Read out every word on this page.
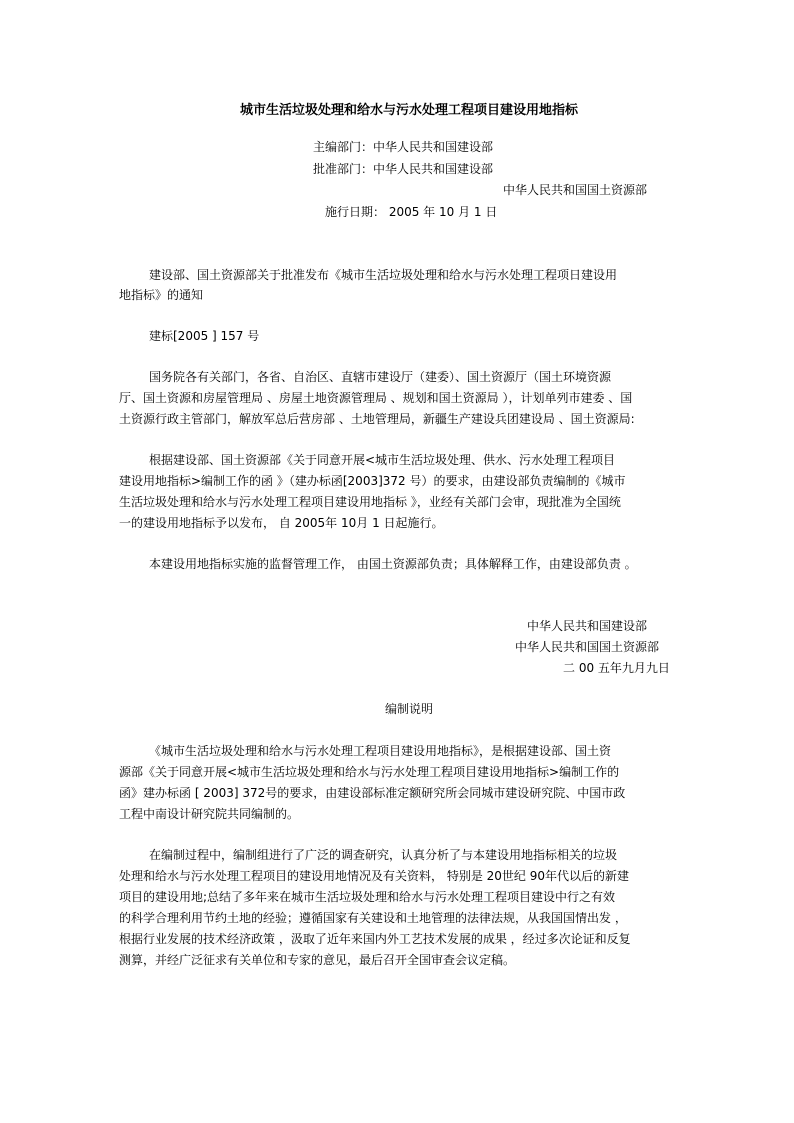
城市生活垃圾处理和给水与污水处理工程项目建设用地指标
主编部门：中华人民共和国建设部
批准部门：中华人民共和国建设部
中华人民共和国国土资源部
施行日期： 2005 年 10 月 1 日
建设部、国土资源部关于批准发布《城市生活垃圾处理和给水与污水处理工程项日建设用
地指标》的通知
建标[2005 ] 157 号
国务院各有关部门，各省、自治区、直辖市建设厅（建委）、国土资源厅（国土环境资源
厅、国土资源和房屋管理局 、房屋土地资源管理局 、规划和国土资源局 ），计划单列市建委 、国
土资源行政主管部门，解放军总后营房部 、土地管理局，新疆生产建设兵团建设局 、国土资源局:
根据建设部、国土资源部《关于同意开展<城市生活垃圾处理、供水、污水处理工程项目
建设用地指标>编制工作的函 》（建办标函[2003]372 号）的要求，由建设部负责编制的《城市
生活垃圾处理和给水与污水处理工程项目建设用地指标 》，业经有关部门会审，现批准为全国统
一的建设用地指标予以发布， 自 2005年 10月 1 日起施行。
本建设用地指标实施的监督管理工作， 由国土资源部负责；具体解释工作，由建设部负责 。
中华人民共和国建设部
中华人民共和国国土资源部
二 00 五年九月九日
编制说明
《城市生活垃圾处理和给水与污水处理工程项目建设用地指标》，是根据建设部、国土资
源部《关于同意开展<城市生活垃圾处理和给水与污水处理工程项目建设用地指标>编制工作的
函》建办标函 [ 2003] 372号的要求，由建设部标准定额研究所会同城市建设研究院、中国市政
工程中南设计研究院共同编制的。
在编制过程中，编制组进行了广泛的调查研究，认真分析了与本建设用地指标相关的垃圾
处理和给水与污水处理工程项目的建设用地情况及有关资料， 特别是 20世纪 90年代以后的新建
项目的建设用地;总结了多年来在城市生活垃圾处理和给水与污水处理工程项目建设中行之有效
的科学合理利用节约土地的经验；遵循国家有关建设和土地管理的法律法规，从我国国情出发 ，
根据行业发展的技术经济政策 ，汲取了近年来国内外工艺技术发展的成果 ，经过多次论证和反复
测算，并经广泛征求有关单位和专家的意见，最后召开全国审查会议定稿。
